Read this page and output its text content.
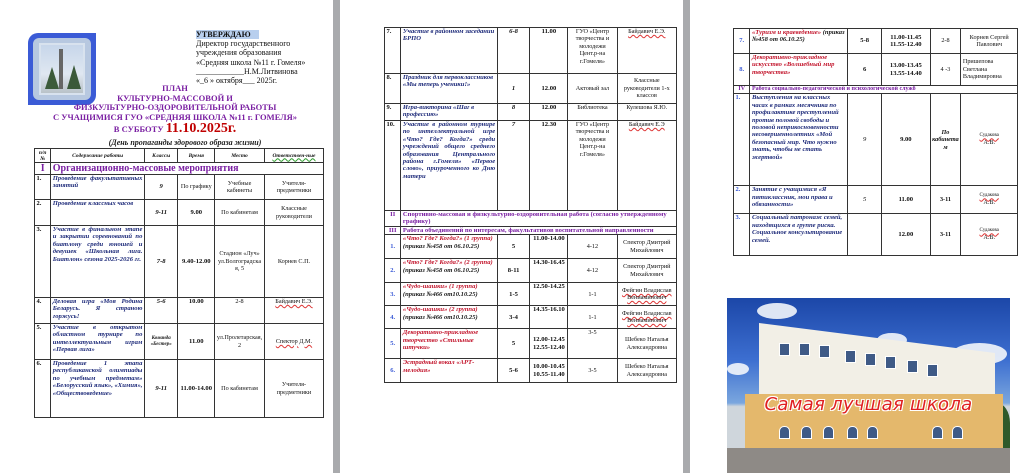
УТВЕРЖДАЮ
Директор государственного
учреждения образования
«Средняя школа №11 г. Гомеля»
____________Н.М.Литвинова
«_6 » октября___ 2025г.
ПЛАН
КУЛЬТУРНО-МАССОВОЙ И
ФИЗКУЛЬТУРНО-ОЗДОРОВИТЕЛЬНОЙ РАБОТЫ
С УЧАЩИМИСЯ ГУО «СРЕДНЯЯ ШКОЛА №11 г. ГОМЕЛЯ»
В СУББОТУ 11.10.2025г.
(День пропаганды здорового образа жизни)
п/п №	Содержание работы	Классы	Время	Место	Ответствен-ные
I	Организационно-массовые мероприятия				
1.	Проведение факультативных занятий	9	По графику	Учебные кабинеты	Учителя-предметники
2.	Проведение классных часов	9-11	9.00	По кабинетам	Классные руководители
3.	Участие в финальном этапе и закрытии соревнований по биатлону среди юношей и девушек «Школьная лига. Биатлон» сезона 2025-2026 гг.	7-8	9.40-12.00	Стадион «Луч» ул.Волгоградская, 5	Корнев С.П.
4.	Деловая игра «Моя Родина Беларусь. Я страною горжусь!	5-6	10.00	2-8	Байдавич Е.Э.
5.	Участие в открытом областном турнире по интеллектуальным играм «Первая лига»	Команда «Бестер»	11.00	ул.Пролетарская,2	Спектор Д.М.
6.	Проведение 1 этапа республиканской олимпиады по учебным предметам» «Белорусский язык», «Химия», «Обществоведение»	9-11	11.00-14.00	По кабинетам	Учителя-предметники
7.	Участие в районном заседании БРПО	6-8	11.00	ГУО «Центр творчества и молодежи Цент.р-на г.Гомеля»	Байдавич Е.Э.
8.	Праздник для первоклассников «Мы теперь ученики!»	1	12.00	Актовый зал	Классные руководители 1-х классов
9.	Игра-викторина «Шаг в профессию»	8	12.00	Библиотека	Кулешова Я.Ю.
10.	Участие в районном турнире по интеллектуальной игре «Что? Где? Когда?» среди учреждений общего среднего образования Центрального района г.Гомеля» «Первое слово», приуроченного ко Дню матери	7	12.30	ГУО «Центр творчества и молодежи Цент.р-на г.Гомеля»	Байдавич Е.Э
II	Спортивно-массовая и физкультурно-оздоровительная работа (согласно утвержденному графику)				
III	Работа объединений по интересам, факультативов воспитательной направленности				
1.	«Что? Где? Когда?» (1 группа) (приказ №458 от 06.10.25)	5	11.00-14.00	4-12	Спектор Дмитрий Михайлович
2.	«Что? Где? Когда?» (2 группа) (приказ №458 от 06.10.25)	8-11	14.30-16.45	4-12	Спектор Дмитрий Михайлович
3.	«Чудо-шашки» (1 группа) (приказ №466 от10.10.25)	1-5	12.50-14.25	1-1	Фейгин Владислав Вениаминович
4.	«Чудо-шашки» (2 группа) (приказ №466 от10.10.25)	3-4	14.35-16.10	1-1	Фейгин Владислав Вениаминович
5.	Декоративно-прикладное творчество «Стильные штучки»	5	12.00-12.45 12.55-12.40	3-5	Шебеко Наталья Александровна
6.	Эстрадный вокал «АРТ-мелодия»	5-6	10.00-10.45 10.55-11.40	3-5	Шебеко Наталья Александровна
7.	«Туризм и краеведение» (приказ №458 от 06.10.25)	5-8	11.00-11.45 11.55-12.40	2-8	Корнев Сергей Павлович
8.	Декоративно-прикладное искусство «Волшебный мир творчества»	6	13.00-13.45 13.55-14.40	4 -3	Пришепова Светлана Владимировна
IV	Работа социально-педагогической и психологической служб				
1.	Выступления на классных часах в рамках месячника по профилактике преступлений против половой свободы и половой неприкосновенности несовершеннолетних «Мой безопасный мир. Что нужно знать, чтобы не стать жертвой»	9	9.00	По кабинетам	Судакова
А.В.

2.	Занятие с учащимися «Я пятиклассник, мои права и обязанности»	5	11.00	3-11	Судакова
А.В.

3.	Социальный патронаж семей, находящихся в группе риска. Социальное консультирование семей.		12.00	3-11	Судакова
А.В.
Самая лучшая школа
